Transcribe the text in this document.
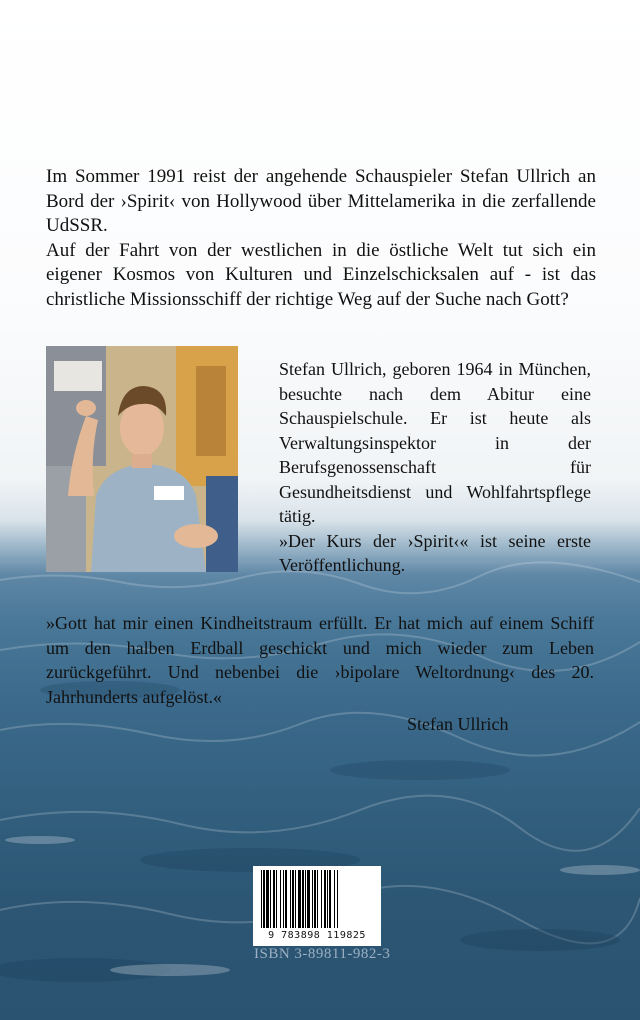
Im Sommer 1991 reist der angehende Schauspieler Stefan Ullrich an Bord der ›Spirit‹ von Hollywood über Mittelamerika in die zerfallende UdSSR.

Auf der Fahrt von der westlichen in die östliche Welt tut sich ein eigener Kosmos von Kulturen und Einzelschicksalen auf - ist das christliche Missionsschiff der richtige Weg auf der Suche nach Gott?

Stefan Ullrich, geboren 1964 in München, besuchte nach dem Abitur eine Schauspielschule. Er ist heute als Verwaltungsinspektor in der Berufsgenossenschaft für Gesundheitsdienst und Wohlfahrtspflege tätig.

»Der Kurs der ›Spirit‹« ist seine erste Veröffentlichung.

»Gott hat mir einen Kindheitstraum erfüllt. Er hat mich auf einem Schiff um den halben Erdball geschickt und mich wieder zum Leben zurückgeführt. Und nebenbei die ›bipolare Weltordnung‹ des 20. Jahrhunderts aufgelöst.«

Stefan Ullrich
9 783898 119825
ISBN 3-89811-982-3
